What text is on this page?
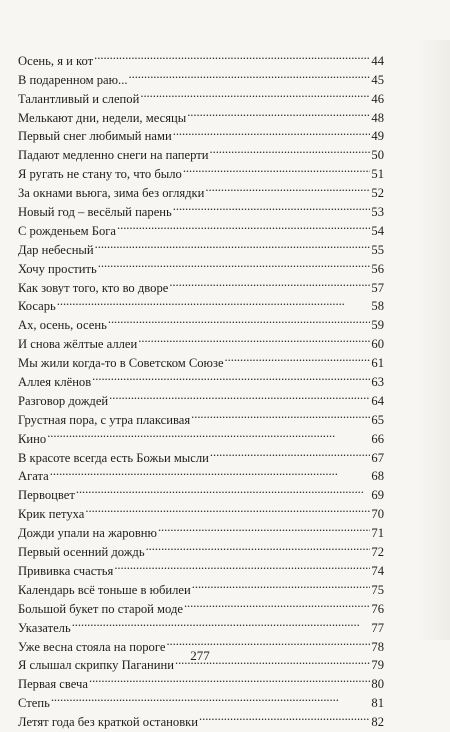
Осень, я и кот . . .	44
В подаренном раю... . . .	45
Талантливый и слепой . . .	46
Мелькают дни, недели, месяцы . . .	48
Первый снег любимый нами . . .	49
Падают медленно снеги на паперти . . .	50
Я ругать не стану то, что было . . .	51
За окнами вьюга, зима без оглядки . . .	52
Новый год – весёлый парень . . .	53
С рожденьем Бога . . .	54
Дар небесный . . .	55
Хочу простить . . .	56
Как зовут того, кто во дворе . . .	57
Косарь . . .	58
Ах, осень, осень . . .	59
И снова жёлтые аллеи . . .	60
Мы жили когда-то в Советском Союзе . . .	61
Аллея клёнов . . .	63
Разговор дождей . . .	64
Грустная пора, с утра плаксивая . . .	65
Кино . . .	66
В красоте всегда есть Божьи мысли . . .	67
Агата . . .	68
Первоцвет . . .	69
Крик петуха . . .	70
Дожди упали на жаровню . . .	71
Первый осенний дождь . . .	72
Прививка счастья . . .	74
Календарь всё тоньше в юбилеи . . .	75
Большой букет по старой моде . . .	76
Указатель . . .	77
Уже весна стояла на пороге . . .	78
Я слышал скрипку Паганини . . .	79
Первая свеча . . .	80
Степь . . .	81
Летят года без краткой остановки . . .	82
277
